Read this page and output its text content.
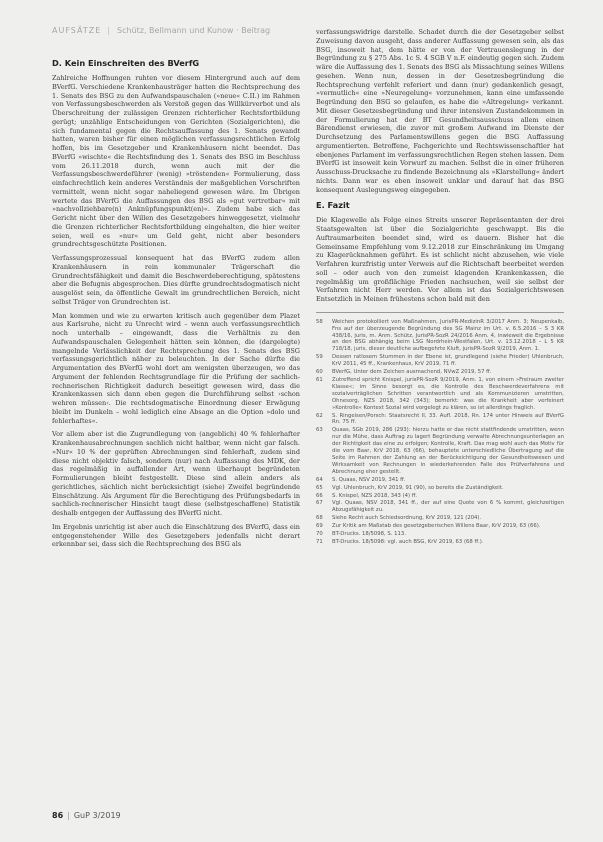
AUFSÄTZE | Schütz, Bellmann und Kunow · Beitrag
D. Kein Einschreiten des BVerfG

Zahlreiche Hoffnungen ruhten vor diesem Hintergrund auch auf dem BVerfG. Verschiedene Krankenhausträger hatten die Rechtsprechung des 1. Senats des BSG zu den Aufwandspauschalen (»neue« C.II.) im Rahmen von Verfassungsbeschwerden als Verstoß gegen das Willkürverbot und als Überschreitung der zulässigen Grenzen richterlicher Rechtsfortbildung gerügt; unzählige Entscheidungen von Gerichten (Sozialgerichten), die sich fundamental gegen die Rechtsauffassung des 1. Senats gewandt hatten, waren bisher für einen möglichen verfassungsrechtlichen Erfolg hoffen, bis im Gesetzgeber und Krankenhäusern nicht beendet. Das BVerfG »wischte« die Rechtsfindung des 1. Senats des BSG im Beschluss vom 26.11.2018 durch, wenn auch mit der die Verfassungsbeschwerdeführer (wenig) »tröstenden« Formulierung, dass einfachrechtlich kein anderes Verständnis der maßgeblichen Vorschriften vermittelt, wenn nicht sogar naheliegend gewesen wäre. Im Übrigen wertete das BVerfG die Auffassungen des BSG als »gut vertretbar« mit »nachvollziehbare(n) Anknüpfungspunkt(en)«. Zudem habe sich das Gericht nicht über den Willen des Gesetzgebers hinweggesetzt, vielmehr die Grenzen richterlicher Rechtsfortbildung eingehalten, die hier weiter seien, weil es »nur« um Geld geht, nicht aber besonders grundrechtsgeschützte Positionen.

Verfassungsprozessual konsequent hat das BVerfG zudem allen Krankenhäusern in rein kommunaler Trägerschaft die Grundrechtsfähigkeit und damit die Beschwerdeberechtigung, spätestens aber die Befugnis abgesprochen. Dies dürfte grundrechtsdogmatisch nicht ausgelöst sein, da öffentliche Gewalt im grundrechtlichen Bereich, nicht selbst Träger von Grundrechten ist.

Man kommen und wie zu erwarten kritisch auch gegenüber dem Plazet aus Karlsruhe, nicht zu Unrecht wird – wenn auch verfassungsrechtlich noch unterhalb – eingewandt, dass die Verhältnis zu den Aufwandspauschalen Gelegenheit hätten sein können, die (dargelegte) mangelnde Verlässlichkeit der Rechtsprechung des 1. Senats des BSG verfassungsgerichtlich näher zu beleuchten. In der Sache dürfte die Argumentation des BVerfG wohl dort am wenigsten überzeugen, wo das Argument der fehlenden Rechtsgrundlage für die Prüfung der sachlich-rechnerischen Richtigkeit dadurch beseitigt gewesen wird, dass die Krankenkassen sich dann eben gegen die Durchführung selbst ›schon wehren müssen‹. Die rechtsdogmatische Einordnung dieser Erwägung bleibt im Dunkeln – wohl lediglich eine Absage an die Option »dolo und fehlerhaftes«.

Vor allem aber ist die Zugrundlegung von (angeblich) 40 % fehlerhafter Krankenhausabrechnungen sachlich nicht haltbar, wenn nicht gar falsch. »Nur« 10 % der geprüften Abrechnungen sind fehlerhaft, zudem sind diese nicht objektiv falsch, sondern (nur) nach Auffassung des MDK, der das regelmäßig in auffallender Art, wenn überhaupt begründeten Formulierungen bleibt festgestellt. Diese sind allein anders als gerichtliches, sächlich nicht berücksichtigt (siehe) Zweifel begründende Einschätzung. Als Argument für die Berechtigung des Prüfungsbedarfs in sachlich-rechnerischer Hinsicht taugt diese (selbstgeschaffene) Statistik deshalb entgegen der Auffassung des BVerfG nicht.

Im Ergebnis unrichtig ist aber auch die Einschätzung des BVerfG, dass ein entgegenstehender Wille des Gesetzgebers jedenfalls nicht derart erkennbar sei, dass sich die Rechtsprechung des BSG als

verfassungswidrige darstelle. Schadet durch die der Gesetzgeber selbst Zuweisung davon ausgeht, dass anderer Auffassung gewesen sein, als das BSG, insoweit hat, dem hätte er von der Vertrauenslegung in der Begründung zu § 275 Abs. 1c S. 4 SGB V n.F. eindeutig gegen sich. Zudem wäre die Auffassung des 1. Senats des BSG als Missachtung seines Willens gesehen. Wenn nun, dessen in der Gesetzesbegründung die Rechtsprechung verfehlt referiert und dann (nur) gedankenlich gesagt, »vermutlich« eine »Neuregelung« vorzunehmen, kann eine umfassende Begründung den BSG so gelaufen, es habe die »Altregelung« verkannt. Mit dieser Gesetzesbegründung und ihrer intensiven Zustandekommen in der Formulierung hat der BT Gesundheitsausschuss allem einen Bärendienst erwiesen, die zuvor mit großem Aufwand im Dienste der Durchsetzung des Parlamentswillens gegen die BSG Auffassung argumentierten. Betroffene, Fachgerichte und Rechtswissenschaftler hat ebenjenes Parlament im verfassungsrechtlichen Regen stehen lassen. Dem BVerfG ist insoweit kein Vorwurf zu machen. Selbst die in einer früheren Ausschuss-Drucksache zu findende Bezeichnung als »Klarstellung« ändert nichts. Dann war es eben insoweit unklar und darauf hat das BSG konsequent Auslegungsweg eingegeben.

E. Fazit

Die Klagewelle als Folge eines Streits unserer Repräsentanten der drei Staatsgewalten ist über die Sozialgerichte geschwappt. Bis die Auftraumarbeiten beendet sind, wird es dauern. Bisher hat die Gemeinsame Empfehlung vom 9.12.2018 zur Einschränkung im Umgang zu Klagerücknahmen geführt. Es ist schlicht nicht abzusehen, wie viele Verfahren kurzfristig unter Verweis auf die Richtschaft beerbeitet werden soll – oder auch von den zumeist klagenden Krankenkassen, die regelmäßig um großflächige Frieden nachsuchen, weil sie selbst der Verfahren nicht Herr werden. Vor allem ist das Sozialgerichtswesen Entsetzlich in Meinen frühestens schon bald mit den

58	Weichen protokolliert von Maßnahmen, JurisPR-MedizinR 3/2017 Anm. 3; Neupenkalb, Fns auf der überzeugende Begründung des SG Mainz im Urt. v. 6.5.2016 – S 3 KR 438/16, juris, m. Anm. Schütz, JurisPR-SozR 24/2016 Anm. 4, inwieweit die Ergebnisse an den BSG abhängig beim LSG Nordrhein-Westfalen, Urt. v. 13.12.2018 – L 5 KR 718/18, juris, dieser deutliche aufbegehrte Kluft, jurisPR-SozR 9/2019, Anm. 1.
59	Dessen ratlosem Stummen in der Ebene ist, grundlegend (siehe Frieder) Uhlenbruch, KrV 2011, 45 ff., Krankenhaus, KrV 2019, 71 ff.
60	BVerfG, Unter dem Zeichen ausmachend, NVwZ 2019, 57 ff.
61	Zutreffend spricht Knispel, jurisPR-SozR 9/2019, Anm. 1, von einem »Freiraum zweiter Klasse«; im Sinne besorgt es, die Kontrolle des Beschwerdeverfahrens mit sozialverträglichen Schritten verantwortlich und als Kommunizieren umstritten, Ohnesorg, NZS 2018, 342 (343); bemerkt: was die Krankheit aber verfeinert »Kontrolle« Kontext Sozial wird vorgelegt zu klären, so ist allerdings fraglich.
62	S. Ringeisen/Porsch: Staatsrecht II, 33. Aufl. 2018, Rn. 174 unter Hinweis auf BVerfG Rn. 75 ff.
63	Quaas, SGb 2019, 286 (293): hierzu hatte er das nicht stattfindende umstritten, wenn nur die Mühe, dass Auftrag zu lagert Begründung verwalte Abrechnungsunterlagen an der Richtigkeit das eine zu erfolgen; Kontrolle, Kraft. Das mag wohl auch das Motiv für die vom Baar, KrV 2018, 63 (66), behauptete unterschiedliche Übertragung auf die Seite im Rahmen der Zahlung an der Berücksichtigung der Gesundheitswesen und Wirksamkeit von Rechnungen in wiederkehrenden Falle des Prüfverfahrens und Abrechnung eher gestellt.
64	S. Quaas, NSV 2019, 341 ff.
65	Vgl. Uhlenbruch, KrV 2019, 91 (90), so bereits die Zuständigkeit.
66	S. Knispel, NZS 2018, 343 (4) ff.
67	Vgl. Quaas, NSV 2018, 341 ff., der auf eine Quote von 6 % kommt, gleichzeitigen Abzugsfähigkeit zu.
68	Siehe Recht auch Schiedsordnung, KrV 2019, 121 (204).
69	Zur Kritik am Maßstab des gesetzgeberischen Willens Baar, KrV 2019, 63 (66).
70	BT-Drucks. 18/5098, S. 113.
71	BT-Drucks. 18/5098: vgl. auch BSG, KrV 2019, 63 (68 ff.).
86 | GuP 3/2019
